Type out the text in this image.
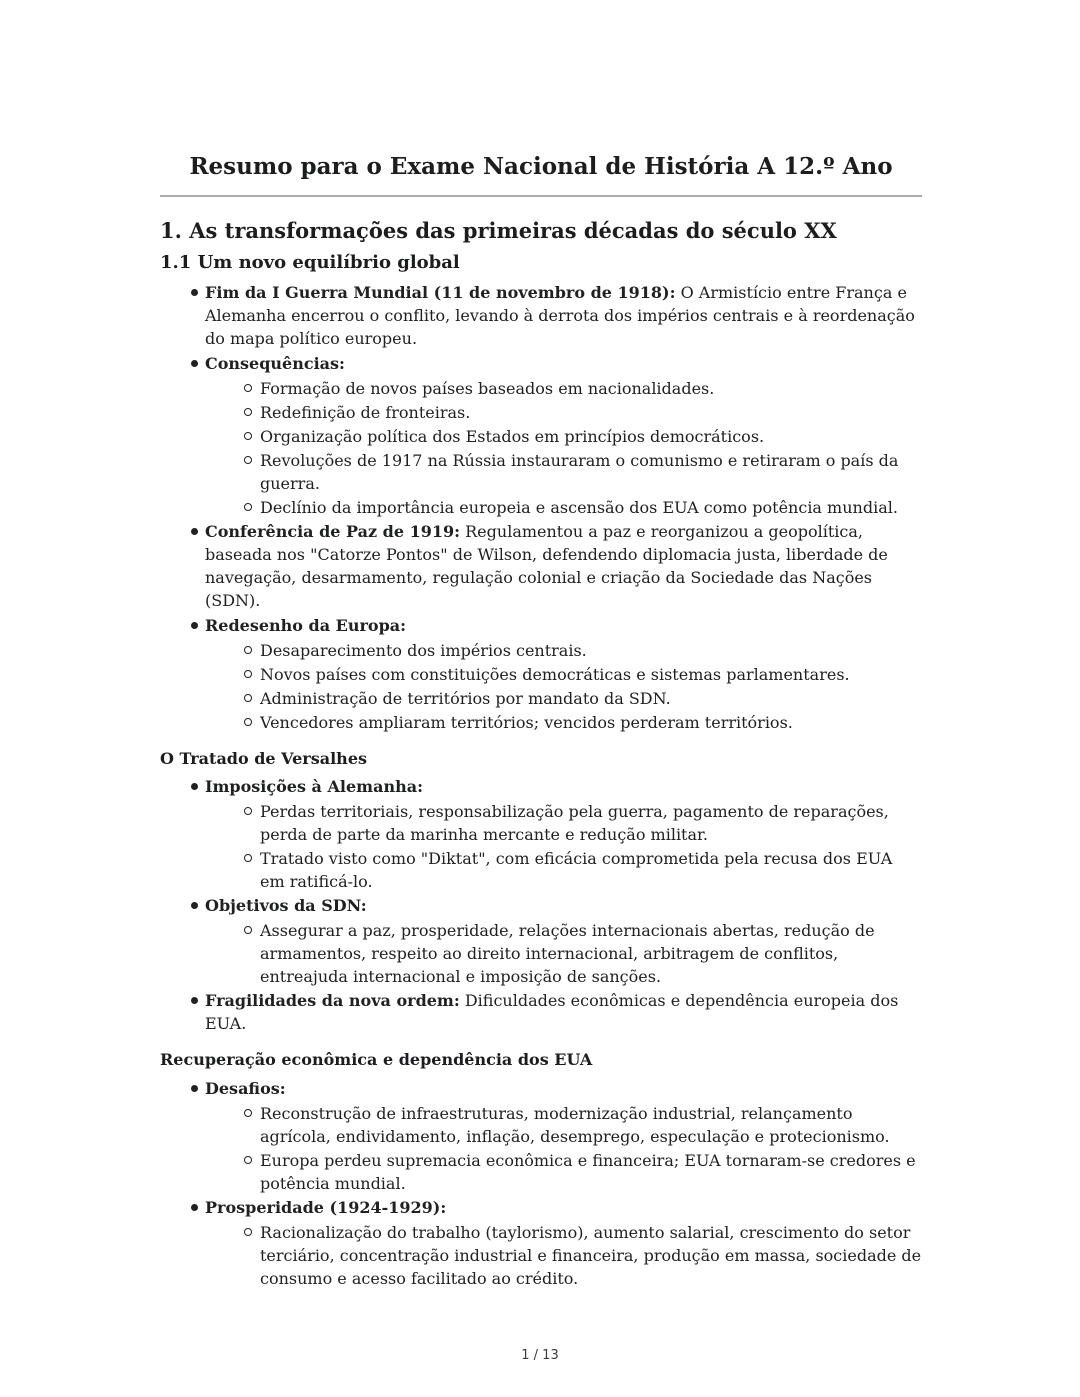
Resumo para o Exame Nacional de História A 12.º Ano
1. As transformações das primeiras décadas do século XX
1.1 Um novo equilíbrio global
Fim da I Guerra Mundial (11 de novembro de 1918): O Armistício entre França e Alemanha encerrou o conflito, levando à derrota dos impérios centrais e à reordenação do mapa político europeu.
Consequências:
Formação de novos países baseados em nacionalidades.
Redefinição de fronteiras.
Organização política dos Estados em princípios democráticos.
Revoluções de 1917 na Rússia instauraram o comunismo e retiraram o país da guerra.
Declínio da importância europeia e ascensão dos EUA como potência mundial.
Conferência de Paz de 1919: Regulamentou a paz e reorganizou a geopolítica, baseada nos "Catorze Pontos" de Wilson, defendendo diplomacia justa, liberdade de navegação, desarmamento, regulação colonial e criação da Sociedade das Nações (SDN).
Redesenho da Europa:
Desaparecimento dos impérios centrais.
Novos países com constituições democráticas e sistemas parlamentares.
Administração de territórios por mandato da SDN.
Vencedores ampliaram territórios; vencidos perderam territórios.
O Tratado de Versalhes
Imposições à Alemanha:
Perdas territoriais, responsabilização pela guerra, pagamento de reparações, perda de parte da marinha mercante e redução militar.
Tratado visto como "Diktat", com eficácia comprometida pela recusa dos EUA em ratificá-lo.
Objetivos da SDN:
Assegurar a paz, prosperidade, relações internacionais abertas, redução de armamentos, respeito ao direito internacional, arbitragem de conflitos, entreajuda internacional e imposição de sanções.
Fragilidades da nova ordem: Dificuldades econômicas e dependência europeia dos EUA.
Recuperação econômica e dependência dos EUA
Desafios:
Reconstrução de infraestruturas, modernização industrial, relançamento agrícola, endividamento, inflação, desemprego, especulação e protecionismo.
Europa perdeu supremacia econômica e financeira; EUA tornaram-se credores e potência mundial.
Prosperidade (1924-1929):
Racionalização do trabalho (taylorismo), aumento salarial, crescimento do setor terciário, concentração industrial e financeira, produção em massa, sociedade de consumo e acesso facilitado ao crédito.
1 / 13
